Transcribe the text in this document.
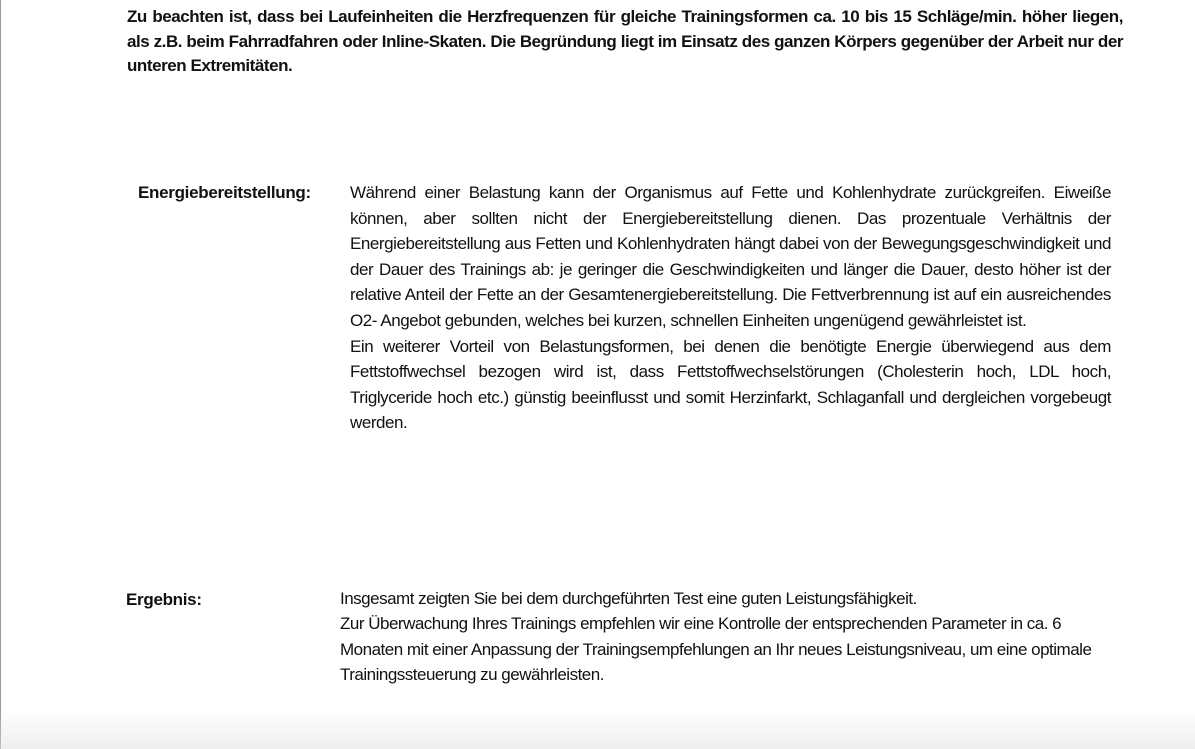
Zu beachten ist, dass bei Laufeinheiten die Herzfrequenzen für gleiche Trainingsformen ca. 10 bis 15 Schläge/min. höher liegen, als z.B. beim Fahrradfahren oder Inline-Skaten. Die Begründung liegt im Einsatz des ganzen Körpers gegenüber der Arbeit nur der unteren Extremitäten.

Energiebereitstellung: Während einer Belastung kann der Organismus auf Fette und Kohlenhydrate zurückgreifen. Eiweiße können, aber sollten nicht der Energiebereitstellung dienen. Das prozentuale Verhältnis der Energiebereitstellung aus Fetten und Kohlenhydraten hängt dabei von der Bewegungsgeschwindigkeit und der Dauer des Trainings ab: je geringer die Geschwindigkeiten und länger die Dauer, desto höher ist der relative Anteil der Fette an der Gesamtenergiebereitstellung. Die Fettverbrennung ist auf ein ausreichendes O2- Angebot gebunden, welches bei kurzen, schnellen Einheiten ungenügend gewährleistet ist.

Ein weiterer Vorteil von Belastungsformen, bei denen die benötigte Energie überwiegend aus dem Fettstoffwechsel bezogen wird ist, dass Fettstoffwechselstörungen (Cholesterin hoch, LDL hoch, Triglyceride hoch etc.) günstig beeinflusst und somit Herzinfarkt, Schlaganfall und dergleichen vorgebeugt werden.

Ergebnis:	Insgesamt zeigten Sie bei dem durchgeführten Test eine guten Leistungsfähigkeit.

Zur Überwachung Ihres Trainings empfehlen wir eine Kontrolle der entsprechenden Parameter in ca. 6 Monaten mit einer Anpassung der Trainingsempfehlungen an Ihr neues Leistungsniveau, um eine optimale Trainingssteuerung zu gewährleisten.
